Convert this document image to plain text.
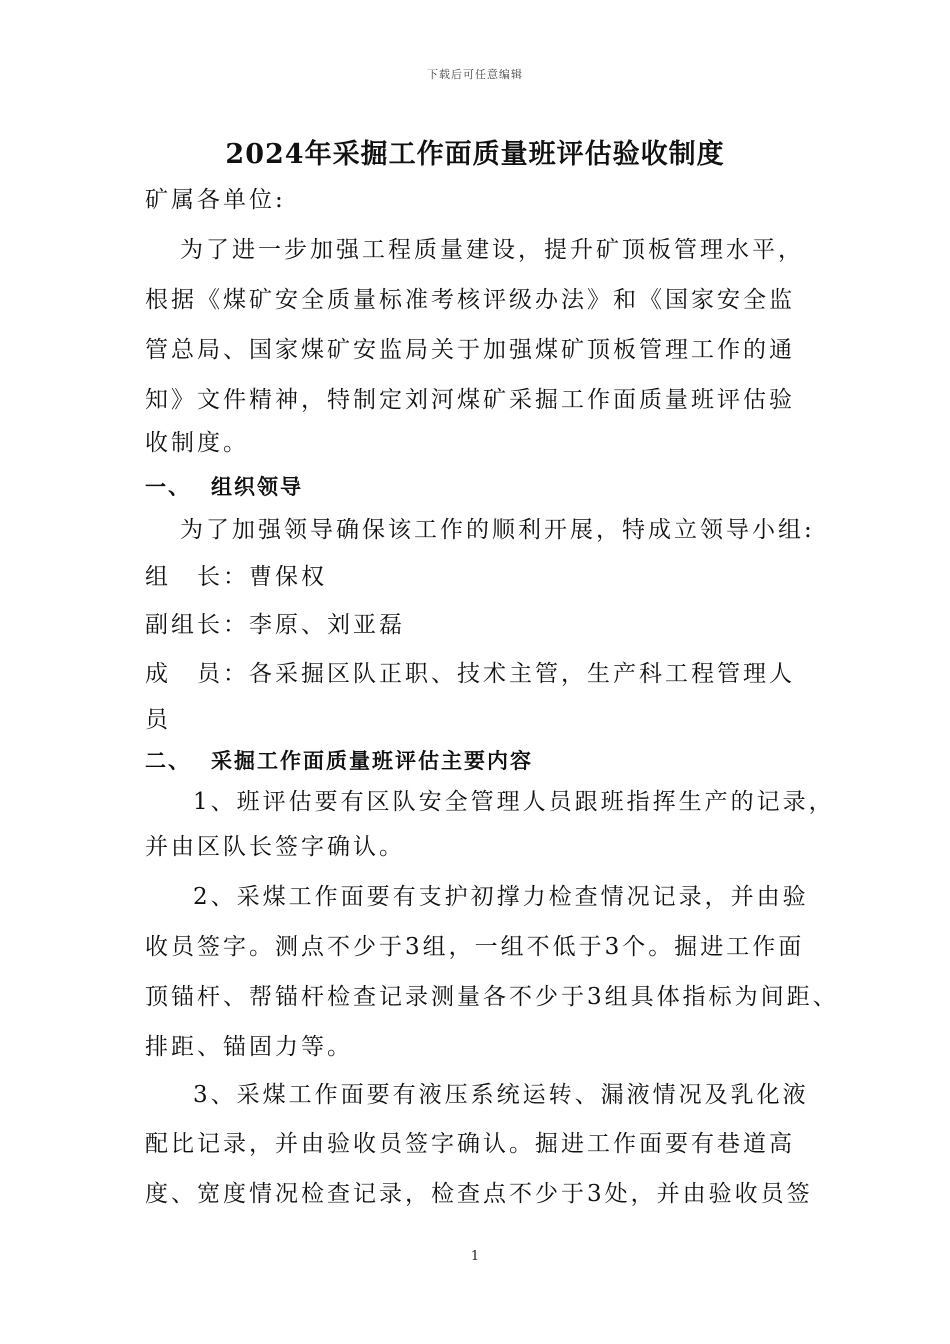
下载后可任意编辑
2024年采掘工作面质量班评估验收制度
矿属各单位:
为了进一步加强工程质量建设，提升矿顶板管理水平，
根据《煤矿安全质量标准考核评级办法》和《国家安全监
管总局、国家煤矿安监局关于加强煤矿顶板管理工作的通
知》文件精神，特制定刘河煤矿采掘工作面质量班评估验
收制度。
一、 组织领导
为了加强领导确保该工作的顺利开展，特成立领导小组:
组　长：曹保权
副组长：李原、刘亚磊
成　员：各采掘区队正职、技术主管，生产科工程管理人
员
二、 采掘工作面质量班评估主要内容
1、班评估要有区队安全管理人员跟班指挥生产的记录，
并由区队长签字确认。
2、采煤工作面要有支护初撑力检查情况记录，并由验
收员签字。测点不少于3组，一组不低于3个。掘进工作面
顶锚杆、帮锚杆检查记录测量各不少于3组具体指标为间距、
排距、锚固力等。
3、采煤工作面要有液压系统运转、漏液情况及乳化液
配比记录，并由验收员签字确认。掘进工作面要有巷道高
度、宽度情况检查记录，检查点不少于3处，并由验收员签
1
